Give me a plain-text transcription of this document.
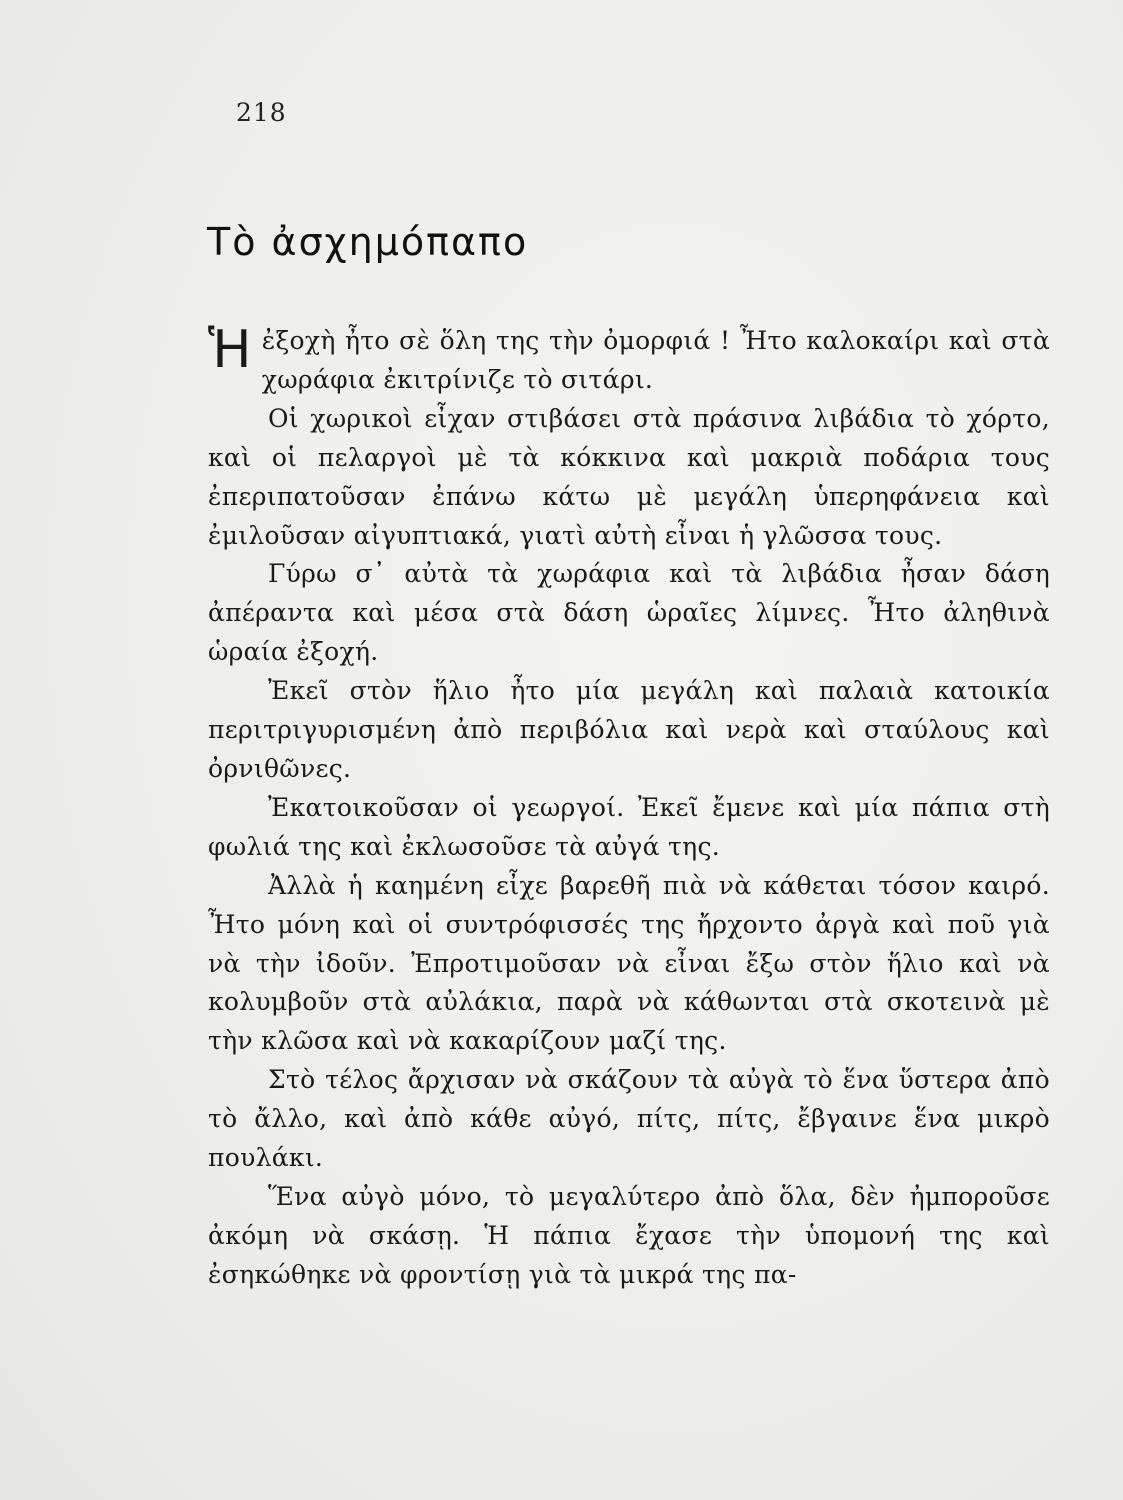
218
Τὸ ἀσχημόπαπο

Ἡἐξοχὴ ἦτο σὲ ὅλη της τὴν ὀμορφιά ! Ἦτο καλοκαίρι καὶ στὰ χωράφια ἐκιτρίνιζε τὸ σιτάρι.

Οἱ χωρικοὶ εἶχαν στιβάσει στὰ πράσινα λιβάδια τὸ χόρτο, καὶ οἱ πελαργοὶ μὲ τὰ κόκκινα καὶ μακριὰ ποδάρια τους ἐπεριπατοῦσαν ἐπάνω κάτω μὲ μεγάλη ὑπερηφάνεια καὶ ἐμιλοῦσαν αἰγυπτιακά, γιατὶ αὐτὴ εἶναι ἡ γλῶσσα τους.

Γύρω σ᾿ αὐτὰ τὰ χωράφια καὶ τὰ λιβάδια ἦσαν δάση ἀπέραντα καὶ μέσα στὰ δάση ὡραῖες λίμνες. Ἦτο ἀληθινὰ ὡραία ἐξοχή.

Ἐκεῖ στὸν ἥλιο ἦτο μία μεγάλη καὶ παλαιὰ κατοικία περιτριγυρισμένη ἀπὸ περιβόλια καὶ νερὰ καὶ σταύλους καὶ ὀρνιθῶνες.

Ἐκατοικοῦσαν οἱ γεωργοί. Ἐκεῖ ἔμενε καὶ μία πάπια στὴ φωλιά της καὶ ἐκλωσοῦσε τὰ αὐγά της.

Ἀλλὰ ἡ καημένη εἶχε βαρεθῆ πιὰ νὰ κάθεται τόσον καιρό. Ἦτο μόνη καὶ οἱ συντρόφισσές της ἤρχοντο ἀργὰ καὶ ποῦ γιὰ νὰ τὴν ἰδοῦν. Ἐπροτιμοῦσαν νὰ εἶναι ἔξω στὸν ἥλιο καὶ νὰ κολυμβοῦν στὰ αὐλάκια, παρὰ νὰ κάθωνται στὰ σκοτεινὰ μὲ τὴν κλῶσα καὶ νὰ κακαρίζουν μαζί της.

Στὸ τέλος ἄρχισαν νὰ σκάζουν τὰ αὐγὰ τὸ ἕνα ὕστερα ἀπὸ τὸ ἄλλο, καὶ ἀπὸ κάθε αὐγό, πίτς, πίτς, ἔβγαινε ἕνα μικρὸ πουλάκι.

Ἕνα αὐγὸ μόνο, τὸ μεγαλύτερο ἀπὸ ὅλα, δὲν ἠμποροῦσε ἀκόμη νὰ σκάσῃ. Ἡ πάπια ἔχασε τὴν ὑπομονή της καὶ ἐσηκώθηκε νὰ φροντίσῃ γιὰ τὰ μικρά της πα-
